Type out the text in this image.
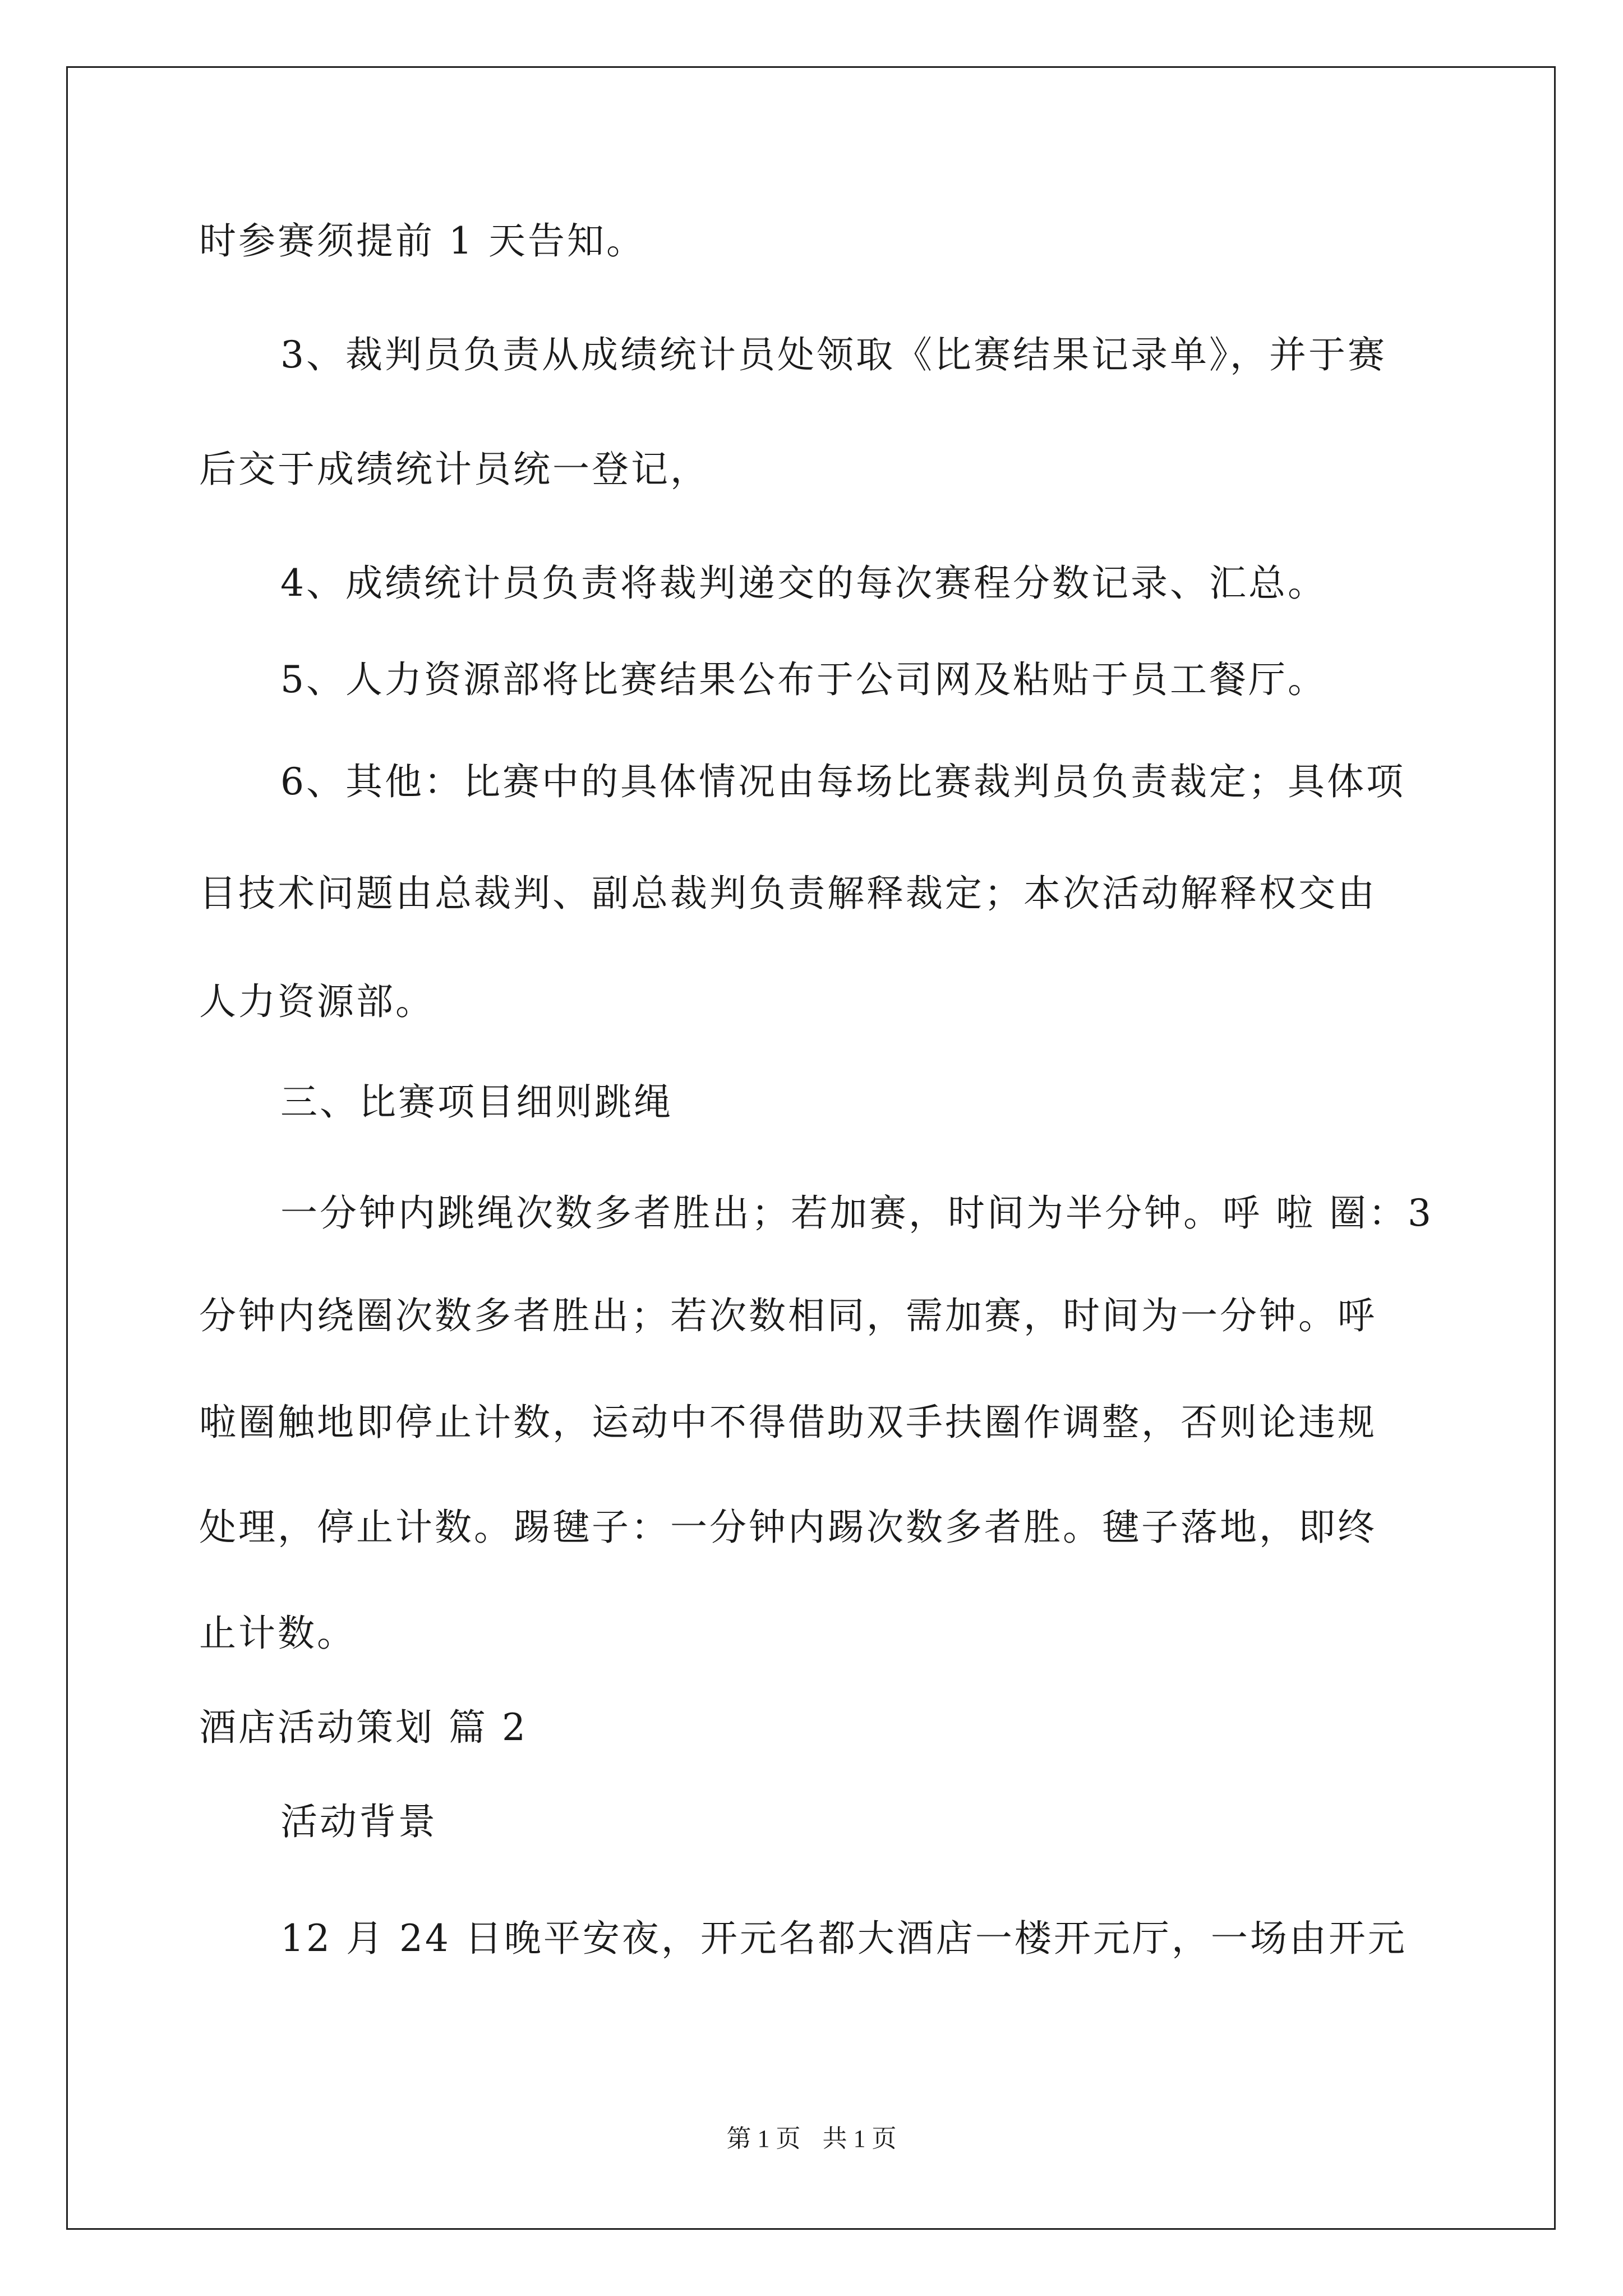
时参赛须提前 1 天告知。
3、裁判员负责从成绩统计员处领取《比赛结果记录单》，并于赛
后交于成绩统计员统一登记，
4、成绩统计员负责将裁判递交的每次赛程分数记录、汇总。
5、人力资源部将比赛结果公布于公司网及粘贴于员工餐厅。
6、其他：比赛中的具体情况由每场比赛裁判员负责裁定；具体项
目技术问题由总裁判、副总裁判负责解释裁定；本次活动解释权交由
人力资源部。
三、比赛项目细则跳绳
一分钟内跳绳次数多者胜出；若加赛，时间为半分钟。呼 啦 圈：3
分钟内绕圈次数多者胜出；若次数相同，需加赛，时间为一分钟。呼
啦圈触地即停止计数，运动中不得借助双手扶圈作调整，否则论违规
处理，停止计数。踢毽子：一分钟内踢次数多者胜。毽子落地，即终
止计数。
酒店活动策划 篇 2
活动背景
12 月 24 日晚平安夜，开元名都大酒店一楼开元厅，一场由开元
第 1 页 共 1 页
